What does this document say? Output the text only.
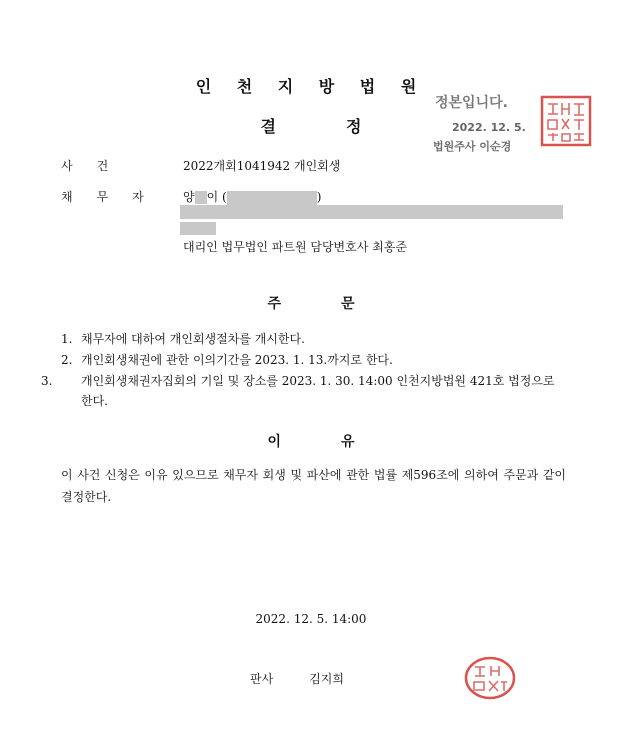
인 천 지 방 법 원
결정
정본입니다.
2022. 12. 5.
법원주사 이순경
사건	2022개회1041942 개인회생
채무자 양 이 (	)
대리인 법무법인 파트원 담당변호사 최홍준
주문
1. 채무자에 대하여 개인회생절차를 개시한다.
2. 개인회생채권에 관한 이의기간을 2023. 1. 13.까지로 한다.
3. 개인회생채권자집회의 기일 및 장소를 2023. 1. 30. 14:00 인천지방법원 421호 법정으로 한다.
이유
이 사건 신청은 이유 있으므로 채무자 회생 및 파산에 관한 법률 제596조에 의하여 주문과 같이 결정한다.
2022. 12. 5. 14:00
판사	김지희
